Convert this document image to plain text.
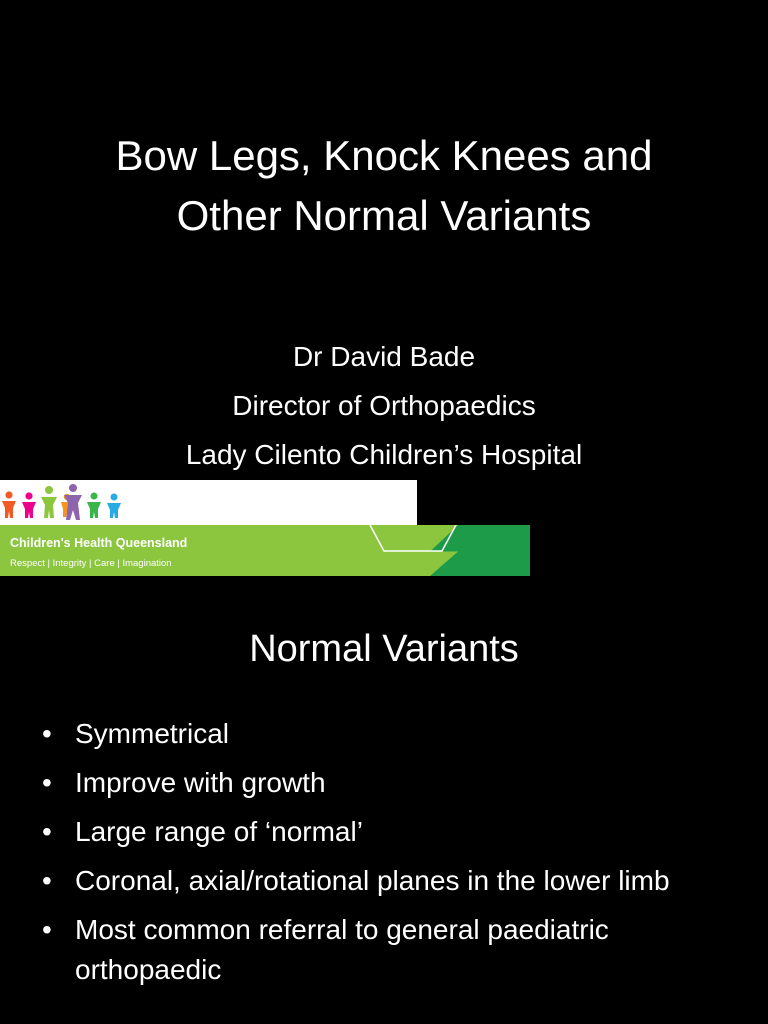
Bow Legs, Knock Knees and
Other Normal Variants
Dr David Bade
Director of Orthopaedics
Lady Cilento Children’s Hospital
Children's Health Queensland
Respect | Integrity | Care | Imagination
Normal Variants
• Symmetrical
• Improve with growth
• Large range of ‘normal’
• Coronal, axial/rotational planes in the lower limb
• Most common referral to general paediatric orthopaedic
